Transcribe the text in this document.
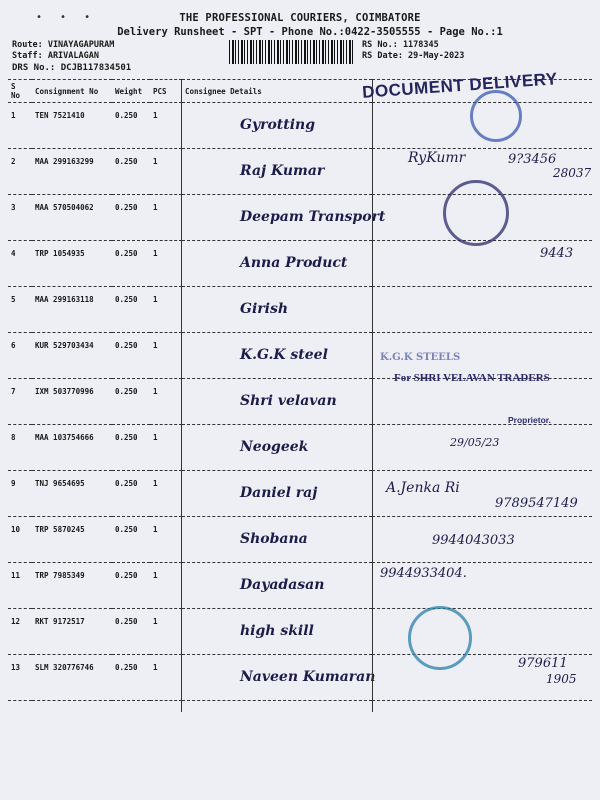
• • •	THE PROFESSIONAL COURIERS, COIMBATORE
Delivery Runsheet - SPT - Phone No.:0422-3505555 - Page No.:1
Route: VINAYAGAPURAM
Staff: ARIVALAGAN
DRS No.: DCJB117834501
RS No.: 1178345
RS Date: 29-May-2023
S No	Consignment No	Weight	PCS	Consignee Details	
1	TEN 7521410	0.250	1	Gyrotting	

2	MAA 299163299	0.250	1	Raj Kumar	

3	MAA 570504062	0.250	1	Deepam Transport	

4	TRP 1054935	0.250	1	Anna Product	

5	MAA 299163118	0.250	1	Girish	

6	KUR 529703434	0.250	1	K.G.K steel	

7	IXM 503770996	0.250	1	Shri velavan	

8	MAA 103754666	0.250	1	Neogeek	

9	TNJ 9654695	0.250	1	Daniel raj	

10	TRP 5870245	0.250	1	Shobana	

11	TRP 7985349	0.250	1	Dayadasan	

12	RKT 9172517	0.250	1	high skill	

13	SLM 320776746	0.250	1	Naveen Kumaran	

DOCUMENT DELIVERY
For SHRI VELAVAN TRADERS
Proprietor.
RyKumr	9?3456
28037
9443
K.G.K STEELS
29/05/23
A.Jenka Ri
9789547149
9944043033
9944933404.
979611
1905
